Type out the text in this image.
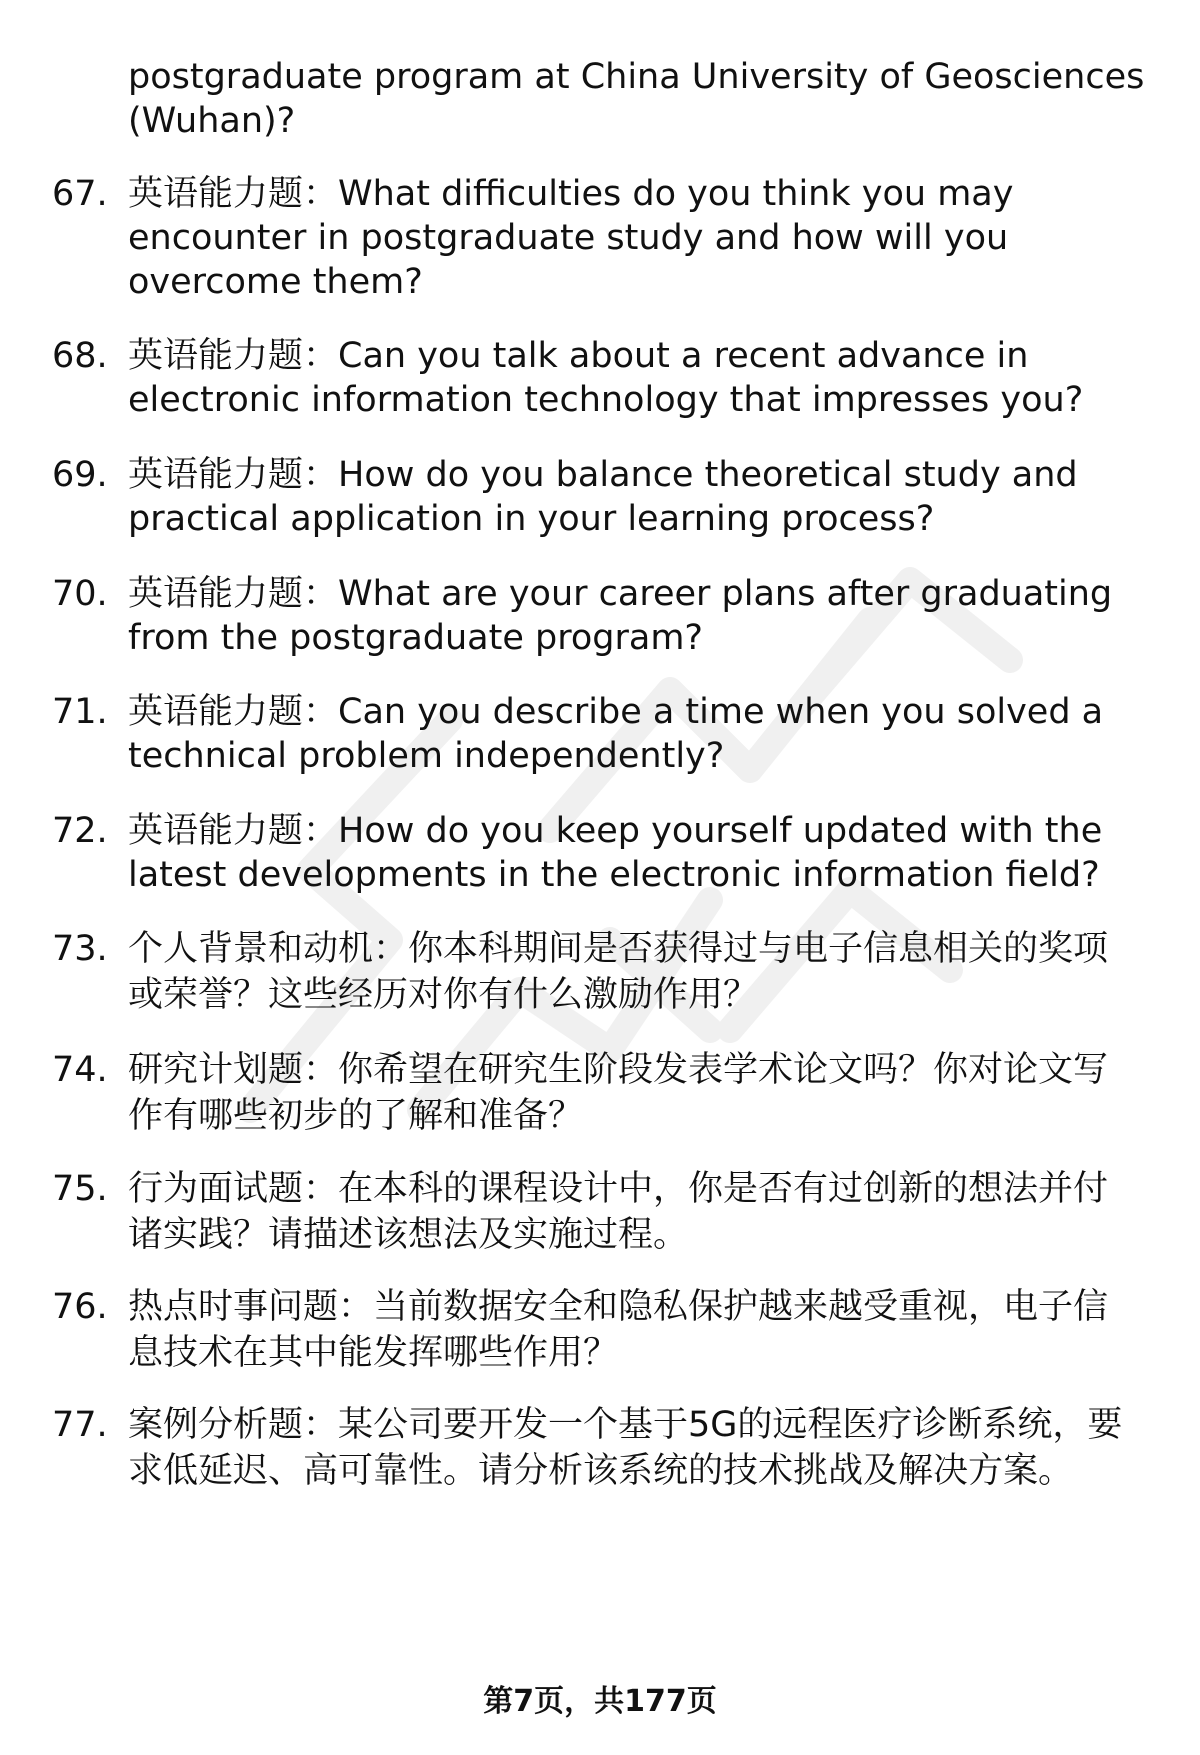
postgraduate program at China University of Geosciences
(Wuhan)?
67. 英语能力题：What difficulties do you think you may
encounter in postgraduate study and how will you
overcome them?
68. 英语能力题：Can you talk about a recent advance in
electronic information technology that impresses you?
69. 英语能力题：How do you balance theoretical study and
practical application in your learning process?
70. 英语能力题：What are your career plans after graduating
from the postgraduate program?
71. 英语能力题：Can you describe a time when you solved a
technical problem independently?
72. 英语能力题：How do you keep yourself updated with the
latest developments in the electronic information field?
73. 个人背景和动机：你本科期间是否获得过与电子信息相关的奖项
或荣誉？这些经历对你有什么激励作用？
74. 研究计划题：你希望在研究生阶段发表学术论文吗？你对论文写
作有哪些初步的了解和准备？
75. 行为面试题：在本科的课程设计中，你是否有过创新的想法并付
诸实践？请描述该想法及实施过程。
76. 热点时事问题：当前数据安全和隐私保护越来越受重视，电子信
息技术在其中能发挥哪些作用？
77. 案例分析题：某公司要开发一个基于5G的远程医疗诊断系统，要
求低延迟、高可靠性。请分析该系统的技术挑战及解决方案。
第7页，共177页
